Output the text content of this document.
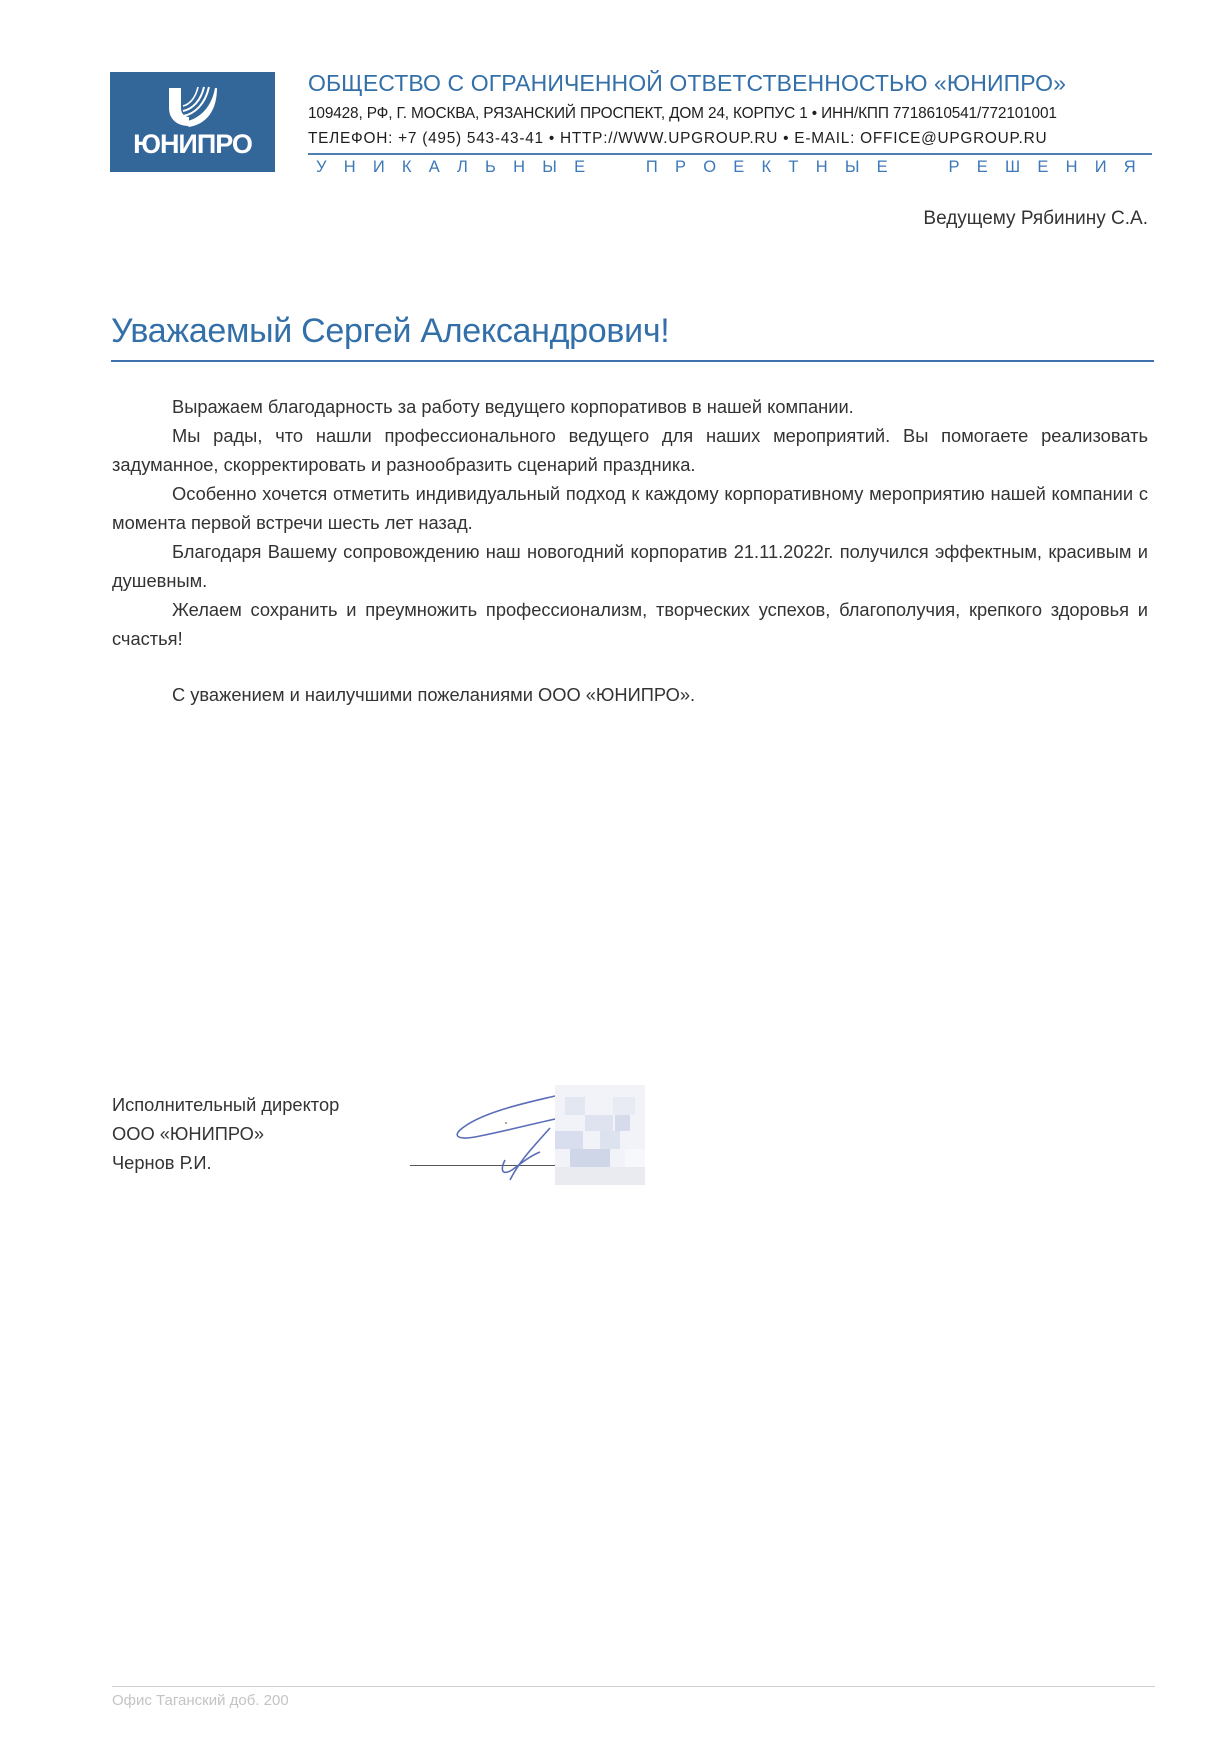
ЮНИПРО
ОБЩЕСТВО С ОГРАНИЧЕННОЙ ОТВЕТСТВЕННОСТЬЮ «ЮНИПРО»
109428, РФ, Г. МОСКВА, РЯЗАНСКИЙ ПРОСПЕКТ, ДОМ 24, КОРПУС 1 • ИНН/КПП 7718610541/772101001
ТЕЛЕФОН: +7 (495) 543-43-41 • HTTP://WWW.UPGROUP.RU • E-MAIL: OFFICE@UPGROUP.RU
У Н И К А Л Ь Н Ы Е

	П Р О Е К Т Н Ы Е

	Р Е Ш Е Н И Я
Ведущему Рябинину С.А.
Уважаемый Сергей Александрович!

Выражаем благодарность за работу ведущего корпоративов в нашей компании.

Мы рады, что нашли профессионального ведущего для наших мероприятий. Вы помогаете реализовать задуманное, скорректировать и разнообразить сценарий праздника.

Особенно хочется отметить индивидуальный подход к каждому корпоративному мероприятию нашей компании с момента первой встречи шесть лет назад.

Благодаря Вашему сопровождению наш новогодний корпоратив 21.11.2022г. получился эффектным, красивым и душевным.

Желаем сохранить и преумножить профессионализм, творческих успехов, благополучия, крепкого здоровья и счастья!

С уважением и наилучшими пожеланиями ООО «ЮНИПРО».
Исполнительный директор
ООО «ЮНИПРО»
Чернов Р.И.
Офис Таганский доб. 200
